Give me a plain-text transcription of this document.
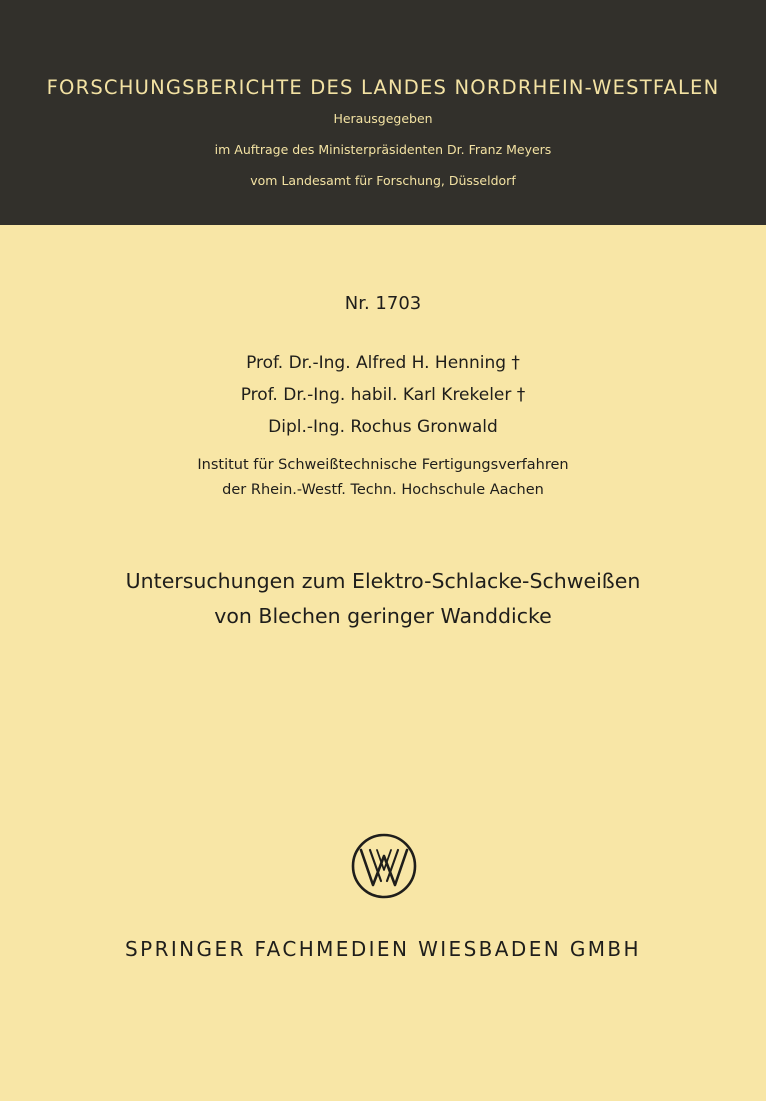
FORSCHUNGSBERICHTE DES LANDES NORDRHEIN-WESTFALEN
Herausgegeben
im Auftrage des Ministerpräsidenten Dr. Franz Meyers
vom Landesamt für Forschung, Düsseldorf
Nr. 1703
Prof. Dr.-Ing. Alfred H. Henning †
Prof. Dr.-Ing. habil. Karl Krekeler †
Dipl.-Ing. Rochus Gronwald
Institut für Schweißtechnische Fertigungsverfahren
der Rhein.-Westf. Techn. Hochschule Aachen
Untersuchungen zum Elektro-Schlacke-Schweißen
von Blechen geringer Wanddicke
SPRINGER FACHMEDIEN WIESBADEN GMBH
